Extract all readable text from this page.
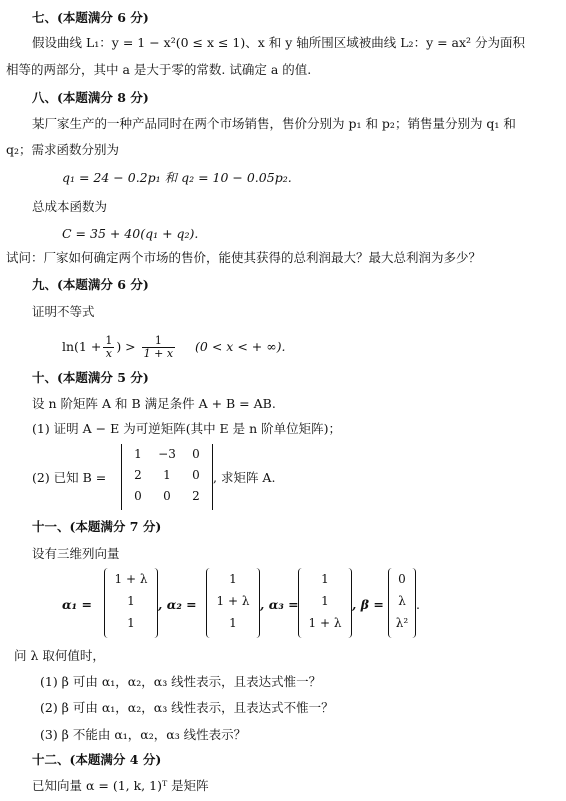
七、(本题满分 6 分)
假设曲线 L₁：y = 1 − x²(0 ≤ x ≤ 1)、x 和 y 轴所围区域被曲线 L₂：y = ax² 分为面积
相等的两部分，其中 a 是大于零的常数. 试确定 a 的值.
八、(本题满分 8 分)
某厂家生产的一种产品同时在两个市场销售，售价分别为 p₁ 和 p₂；销售量分别为 q₁ 和
q₂；需求函数分别为
q₁ = 24 − 0.2p₁ 和 q₂ = 10 − 0.05p₂.
总成本函数为
C = 35 + 40(q₁ + q₂).
试问：厂家如何确定两个市场的售价，能使其获得的总利润最大？最大总利润为多少？
九、(本题满分 6 分)
证明不等式
$\ln(1 + \frac{1}{x}$ ) > $\frac{1}{1 + x} (0 < x$ < + ∞).
十、(本题满分 5 分)
设 n 阶矩阵 A 和 B 满足条件 A + B = AB.
(1) 证明 A − E 为可逆矩阵(其中 E 是 n 阶单位矩阵)；
(2) 已知 B =
1	−3	0
2	1	0
0	0	2
, 求矩阵 A.
十一、(本题满分 7 分)
设有三维列向量
α₁ =
1 + λ
1
1
, α₂ =
1
1 + λ
1
, α₃ =
1
1
1 + λ
, β =
0
λ
λ²
.
问 λ 取何值时，
(1) β 可由 α₁，α₂，α₃ 线性表示，且表达式惟一？
(2) β 可由 α₁，α₂，α₃ 线性表示，且表达式不惟一？
(3) β 不能由 α₁，α₂，α₃ 线性表示？
十二、(本题满分 4 分)
已知向量 α = (1, k, 1)ᵀ 是矩阵
